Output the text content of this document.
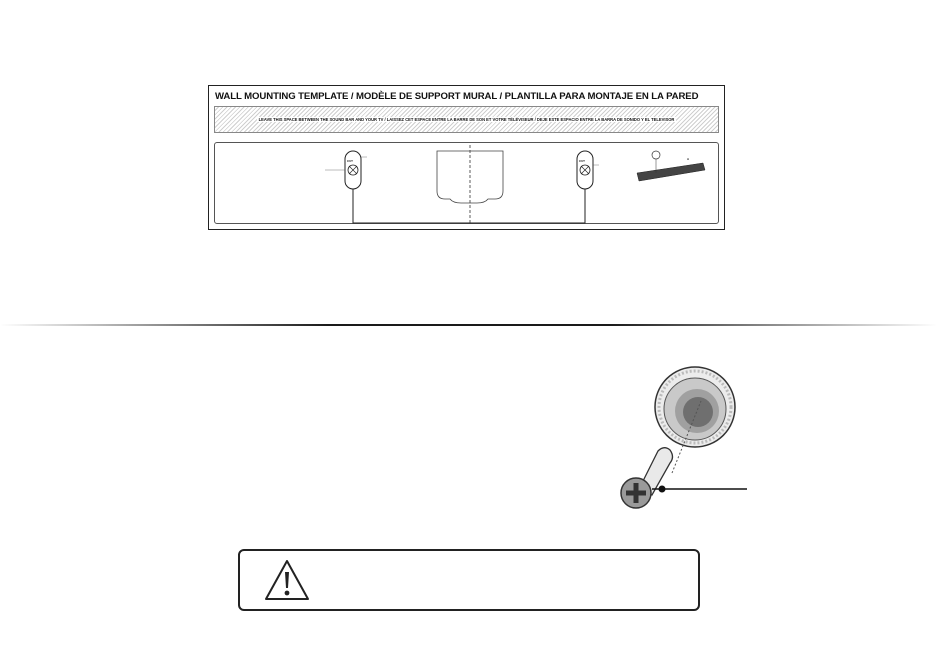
WALL MOUNTING TEMPLATE / MODÈLE DE SUPPORT MURAL / PLANTILLA PARA MONTAJE EN LA PARED
LEAVE THIS SPACE BETWEEN THE SOUND BAR AND YOUR TV / LAISSEZ CET ESPACE ENTRE LA BARRE DE SON ET VOTRE TÉLÉVISEUR / DEJE ESTE ESPACIO ENTRE LA BARRA DE SONIDO Y EL TELEVISOR
CUT	CUT	A
